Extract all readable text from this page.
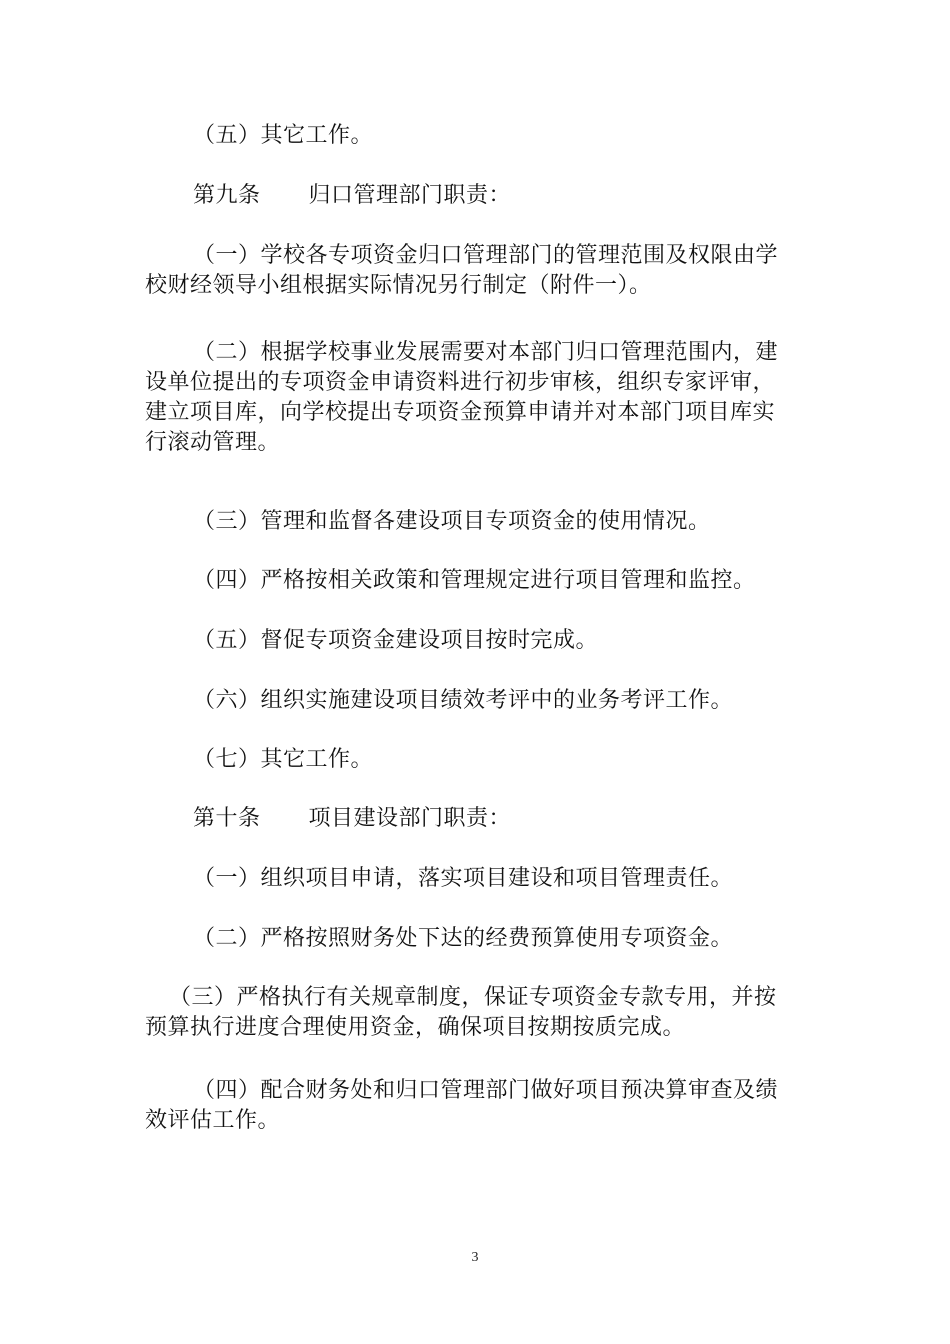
（五）其它工作。
第九条 归口管理部门职责：
（一）学校各专项资金归口管理部门的管理范围及权限由学
校财经领导小组根据实际情况另行制定（附件一）。
（二）根据学校事业发展需要对本部门归口管理范围内，建
设单位提出的专项资金申请资料进行初步审核，组织专家评审，
建立项目库，向学校提出专项资金预算申请并对本部门项目库实
行滚动管理。
（三）管理和监督各建设项目专项资金的使用情况。
（四）严格按相关政策和管理规定进行项目管理和监控。
（五）督促专项资金建设项目按时完成。
（六）组织实施建设项目绩效考评中的业务考评工作。
（七）其它工作。
第十条 项目建设部门职责：
（一）组织项目申请，落实项目建设和项目管理责任。
（二）严格按照财务处下达的经费预算使用专项资金。
（三）严格执行有关规章制度，保证专项资金专款专用，并按
预算执行进度合理使用资金，确保项目按期按质完成。
（四）配合财务处和归口管理部门做好项目预决算审查及绩
效评估工作。
3
